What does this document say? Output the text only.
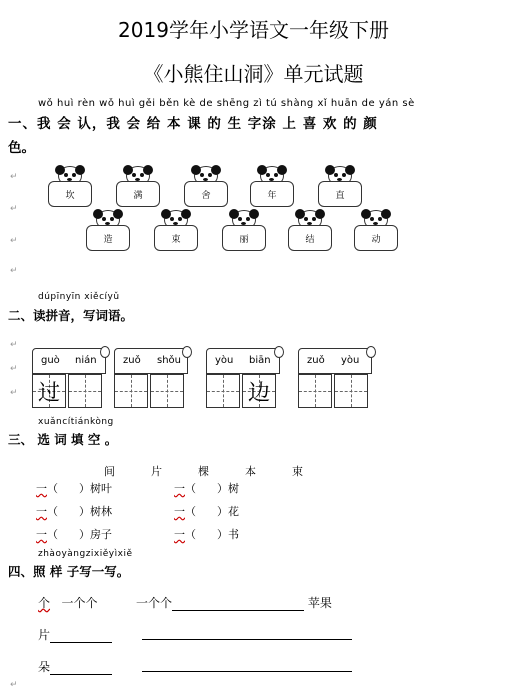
2019学年小学语文一年级下册
《小熊住山洞》单元试题
wǒ huì rèn wǒ huì gěi běn kè de shēng zì tú shàng xǐ huān de yán sè
一、我 会 认，我 会 给 本 课 的 生 字涂 上 喜 欢 的 颜
色。
↵
↵
↵
↵
坎	满	舍	年	直
造	束	丽	结	动
dúpīnyīn xiěcíyǔ
二、读拼音，写词语。
↵
↵
↵
guò nián
过
zuǒ shǒu	yòu biān
边
zuǒ yòu
xuǎncítiánkòng
三、 选 词 填 空 。
间	片	棵	本	束
一（      ）树叶	一（      ）树
一（      ）树林	一（      ）花
一（      ）房子	一（      ）书
zhàoyàngzixiěyìxiě
四、照 样 子写一写。
个 一个个	一个个	苹果
片
朵
↵
